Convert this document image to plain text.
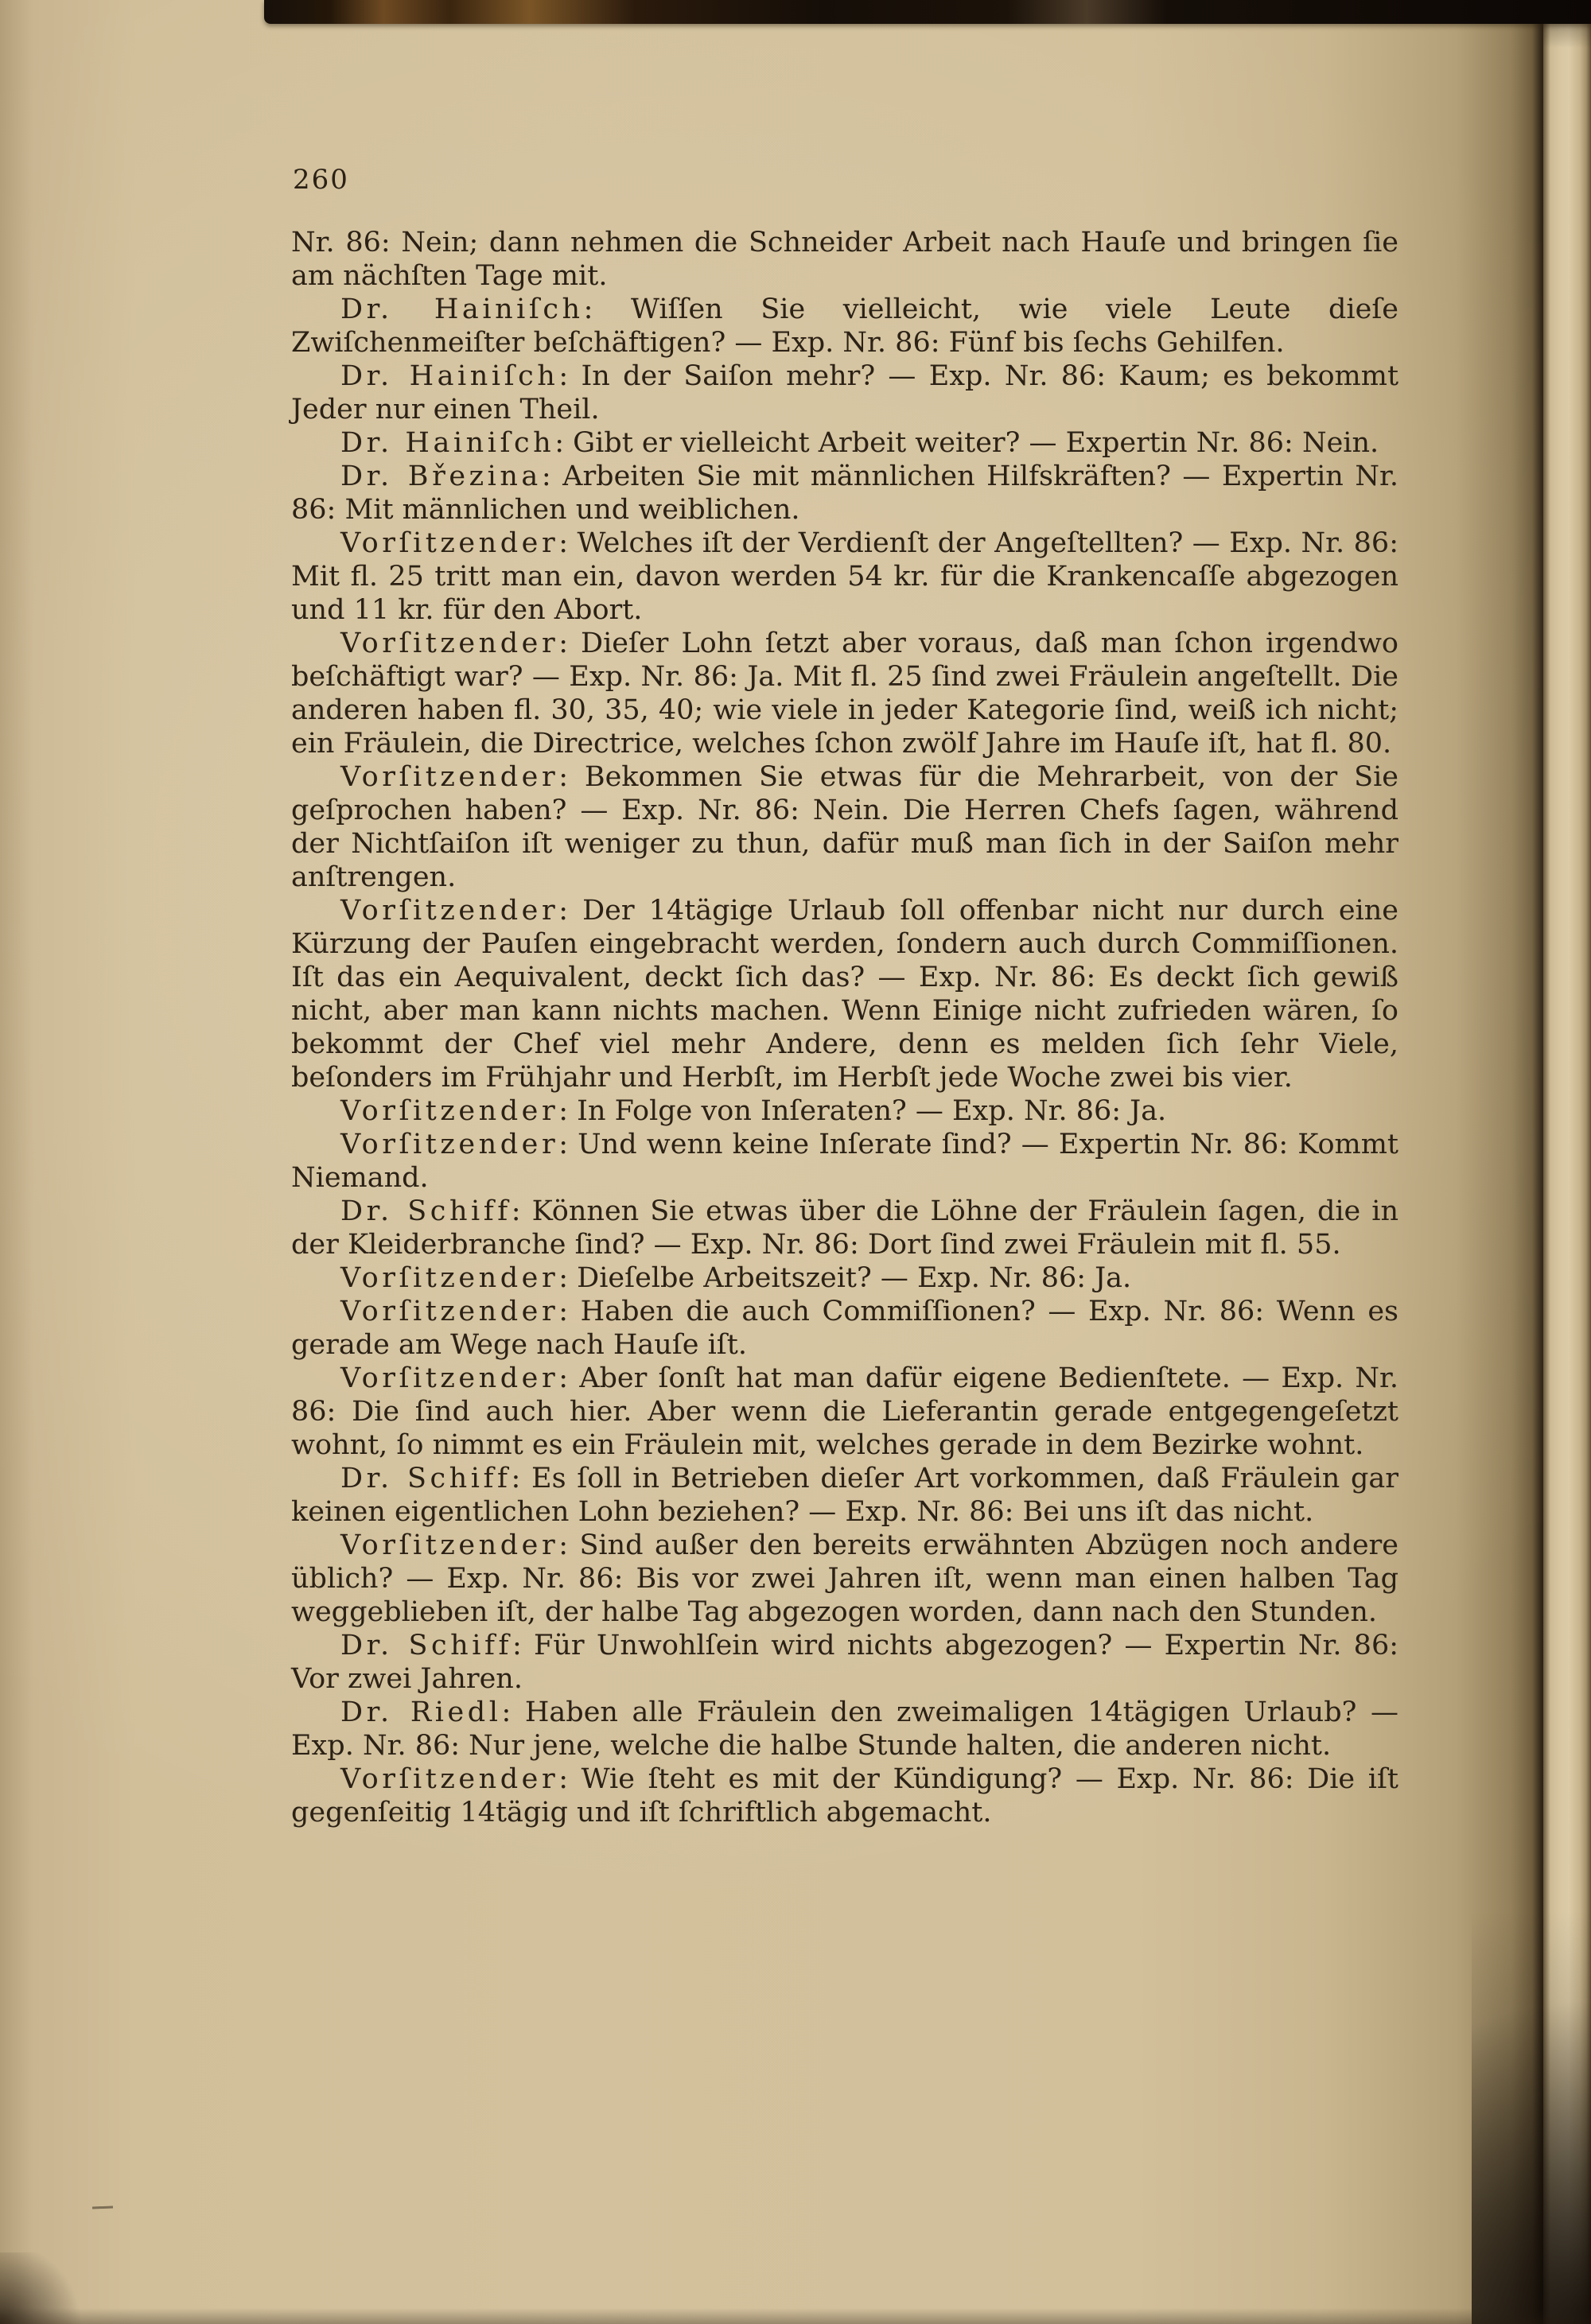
260

Nr. 86: Nein; dann nehmen die Schneider Arbeit nach Hauſe und bringen ſie am nächſten Tage mit.

Dr. Hainiſch: Wiſſen Sie vielleicht, wie viele Leute dieſe Zwiſchenmeiſter beſchäftigen? — Exp. Nr. 86: Fünf bis ſechs Gehilfen.

Dr. Hainiſch: In der Saiſon mehr? — Exp. Nr. 86: Kaum; es bekommt Jeder nur einen Theil.

Dr. Hainiſch: Gibt er vielleicht Arbeit weiter? — Expertin Nr. 86: Nein.

Dr. Březina: Arbeiten Sie mit männlichen Hilfskräften? — Expertin Nr. 86: Mit männlichen und weiblichen.

Vorſitzender: Welches iſt der Verdienſt der Angeſtellten? — Exp. Nr. 86: Mit fl. 25 tritt man ein, davon werden 54 kr. für die Krankencaſſe abgezogen und 11 kr. für den Abort.

Vorſitzender: Dieſer Lohn ſetzt aber voraus, daß man ſchon irgendwo beſchäftigt war? — Exp. Nr. 86: Ja. Mit fl. 25 ſind zwei Fräulein angeſtellt. Die anderen haben fl. 30, 35, 40; wie viele in jeder Kategorie ſind, weiß ich nicht; ein Fräulein, die Directrice, welches ſchon zwölf Jahre im Hauſe iſt, hat fl. 80.

Vorſitzender: Bekommen Sie etwas für die Mehrarbeit, von der Sie geſprochen haben? — Exp. Nr. 86: Nein. Die Herren Chefs ſagen, während der Nichtſaiſon iſt weniger zu thun, dafür muß man ſich in der Saiſon mehr anſtrengen.

Vorſitzender: Der 14tägige Urlaub ſoll offenbar nicht nur durch eine Kürzung der Pauſen eingebracht werden, ſondern auch durch Commiſſionen. Iſt das ein Aequivalent, deckt ſich das? — Exp. Nr. 86: Es deckt ſich gewiß nicht, aber man kann nichts machen. Wenn Einige nicht zufrieden wären, ſo bekommt der Chef viel mehr Andere, denn es melden ſich ſehr Viele, beſonders im Frühjahr und Herbſt, im Herbſt jede Woche zwei bis vier.

Vorſitzender: In Folge von Inſeraten? — Exp. Nr. 86: Ja.

Vorſitzender: Und wenn keine Inſerate ſind? — Expertin Nr. 86: Kommt Niemand.

Dr. Schiff: Können Sie etwas über die Löhne der Fräulein ſagen, die in der Kleiderbranche ſind? — Exp. Nr. 86: Dort ſind zwei Fräulein mit fl. 55.

Vorſitzender: Dieſelbe Arbeitszeit? — Exp. Nr. 86: Ja.

Vorſitzender: Haben die auch Commiſſionen? — Exp. Nr. 86: Wenn es gerade am Wege nach Hauſe iſt.

Vorſitzender: Aber ſonſt hat man dafür eigene Bedienſtete. — Exp. Nr. 86: Die ſind auch hier. Aber wenn die Lieferantin gerade entgegengeſetzt wohnt, ſo nimmt es ein Fräulein mit, welches gerade in dem Bezirke wohnt.

Dr. Schiff: Es ſoll in Betrieben dieſer Art vorkommen, daß Fräulein gar keinen eigentlichen Lohn beziehen? — Exp. Nr. 86: Bei uns iſt das nicht.

Vorſitzender: Sind außer den bereits erwähnten Abzügen noch andere üblich? — Exp. Nr. 86: Bis vor zwei Jahren iſt, wenn man einen halben Tag weggeblieben iſt, der halbe Tag abgezogen worden, dann nach den Stunden.

Dr. Schiff: Für Unwohlſein wird nichts abgezogen? — Expertin Nr. 86: Vor zwei Jahren.

Dr. Riedl: Haben alle Fräulein den zweimaligen 14tägigen Urlaub? — Exp. Nr. 86: Nur jene, welche die halbe Stunde halten, die anderen nicht.

Vorſitzender: Wie ſteht es mit der Kündigung? — Exp. Nr. 86: Die iſt gegenſeitig 14tägig und iſt ſchriftlich abgemacht.
